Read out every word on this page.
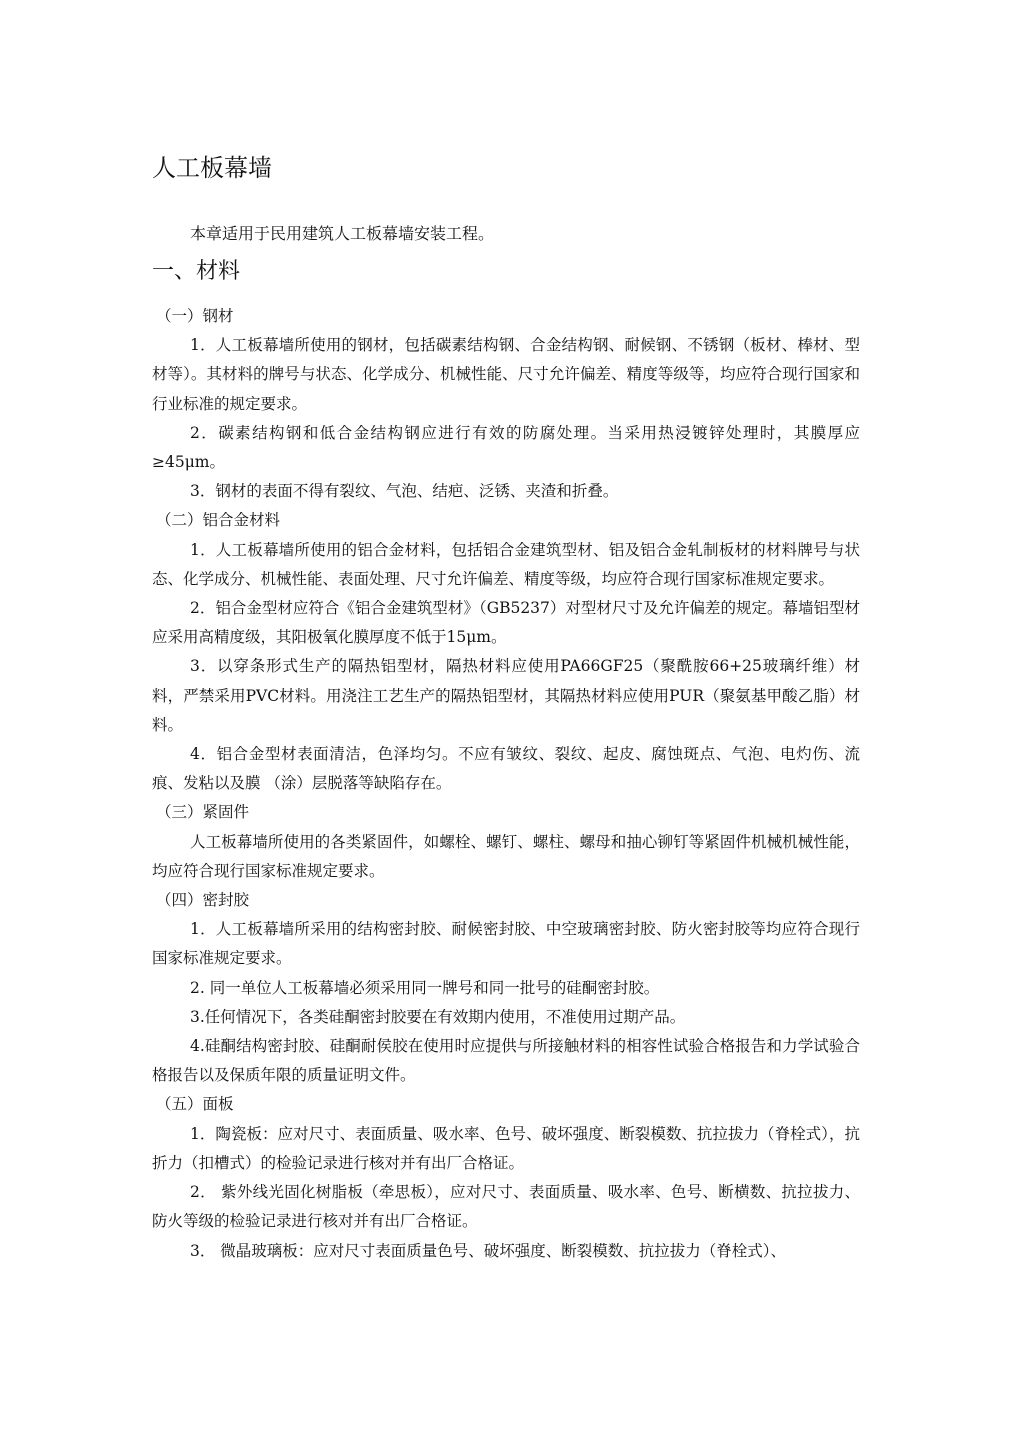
人工板幕墙

本章适用于民用建筑人工板幕墙安装工程。

一、材料

（一）钢材

1．人工板幕墙所使用的钢材，包括碳素结构钢、合金结构钢、耐候钢、不锈钢（板材、棒材、型材等）。其材料的牌号与状态、化学成分、机械性能、尺寸允许偏差、精度等级等，均应符合现行国家和行业标准的规定要求。

2．碳素结构钢和低合金结构钢应进行有效的防腐处理。当采用热浸镀锌处理时，其膜厚应≥45μm。

3．钢材的表面不得有裂纹、气泡、结疤、泛锈、夹渣和折叠。

（二）铝合金材料

1．人工板幕墙所使用的铝合金材料，包括铝合金建筑型材、铝及铝合金轧制板材的材料牌号与状态、化学成分、机械性能、表面处理、尺寸允许偏差、精度等级，均应符合现行国家标准规定要求。

2．铝合金型材应符合《铝合金建筑型材》（GB5237）对型材尺寸及允许偏差的规定。幕墙铝型材应采用高精度级，其阳极氧化膜厚度不低于15μm。

3．以穿条形式生产的隔热铝型材，隔热材料应使用PA66GF25（聚酰胺66+25玻璃纤维）材料，严禁采用PVC材料。用浇注工艺生产的隔热铝型材，其隔热材料应使用PUR（聚氨基甲酸乙脂）材料。

4．铝合金型材表面清洁，色泽均匀。不应有皱纹、裂纹、起皮、腐蚀斑点、气泡、电灼伤、流痕、发粘以及膜 （涂）层脱落等缺陷存在。

（三）紧固件

人工板幕墙所使用的各类紧固件，如螺栓、螺钉、螺柱、螺母和抽心铆钉等紧固件机械机械性能，均应符合现行国家标准规定要求。

（四）密封胶

1．人工板幕墙所采用的结构密封胶、耐候密封胶、中空玻璃密封胶、防火密封胶等均应符合现行国家标准规定要求。

2. 同一单位人工板幕墙必须采用同一牌号和同一批号的硅酮密封胶。

3.任何情况下，各类硅酮密封胶要在有效期内使用，不准使用过期产品。

4.硅酮结构密封胶、硅酮耐侯胶在使用时应提供与所接触材料的相容性试验合格报告和力学试验合格报告以及保质年限的质量证明文件。

（五）面板

1．陶瓷板：应对尺寸、表面质量、吸水率、色号、破坏强度、断裂模数、抗拉拔力（脊栓式），抗折力（扣槽式）的检验记录进行核对并有出厂合格证。

2． 紫外线光固化树脂板（牵思板），应对尺寸、表面质量、吸水率、色号、断横数、抗拉拔力、防火等级的检验记录进行核对并有出厂合格证。

3． 微晶玻璃板：应对尺寸表面质量色号、破坏强度、断裂模数、抗拉拔力（脊栓式）、
